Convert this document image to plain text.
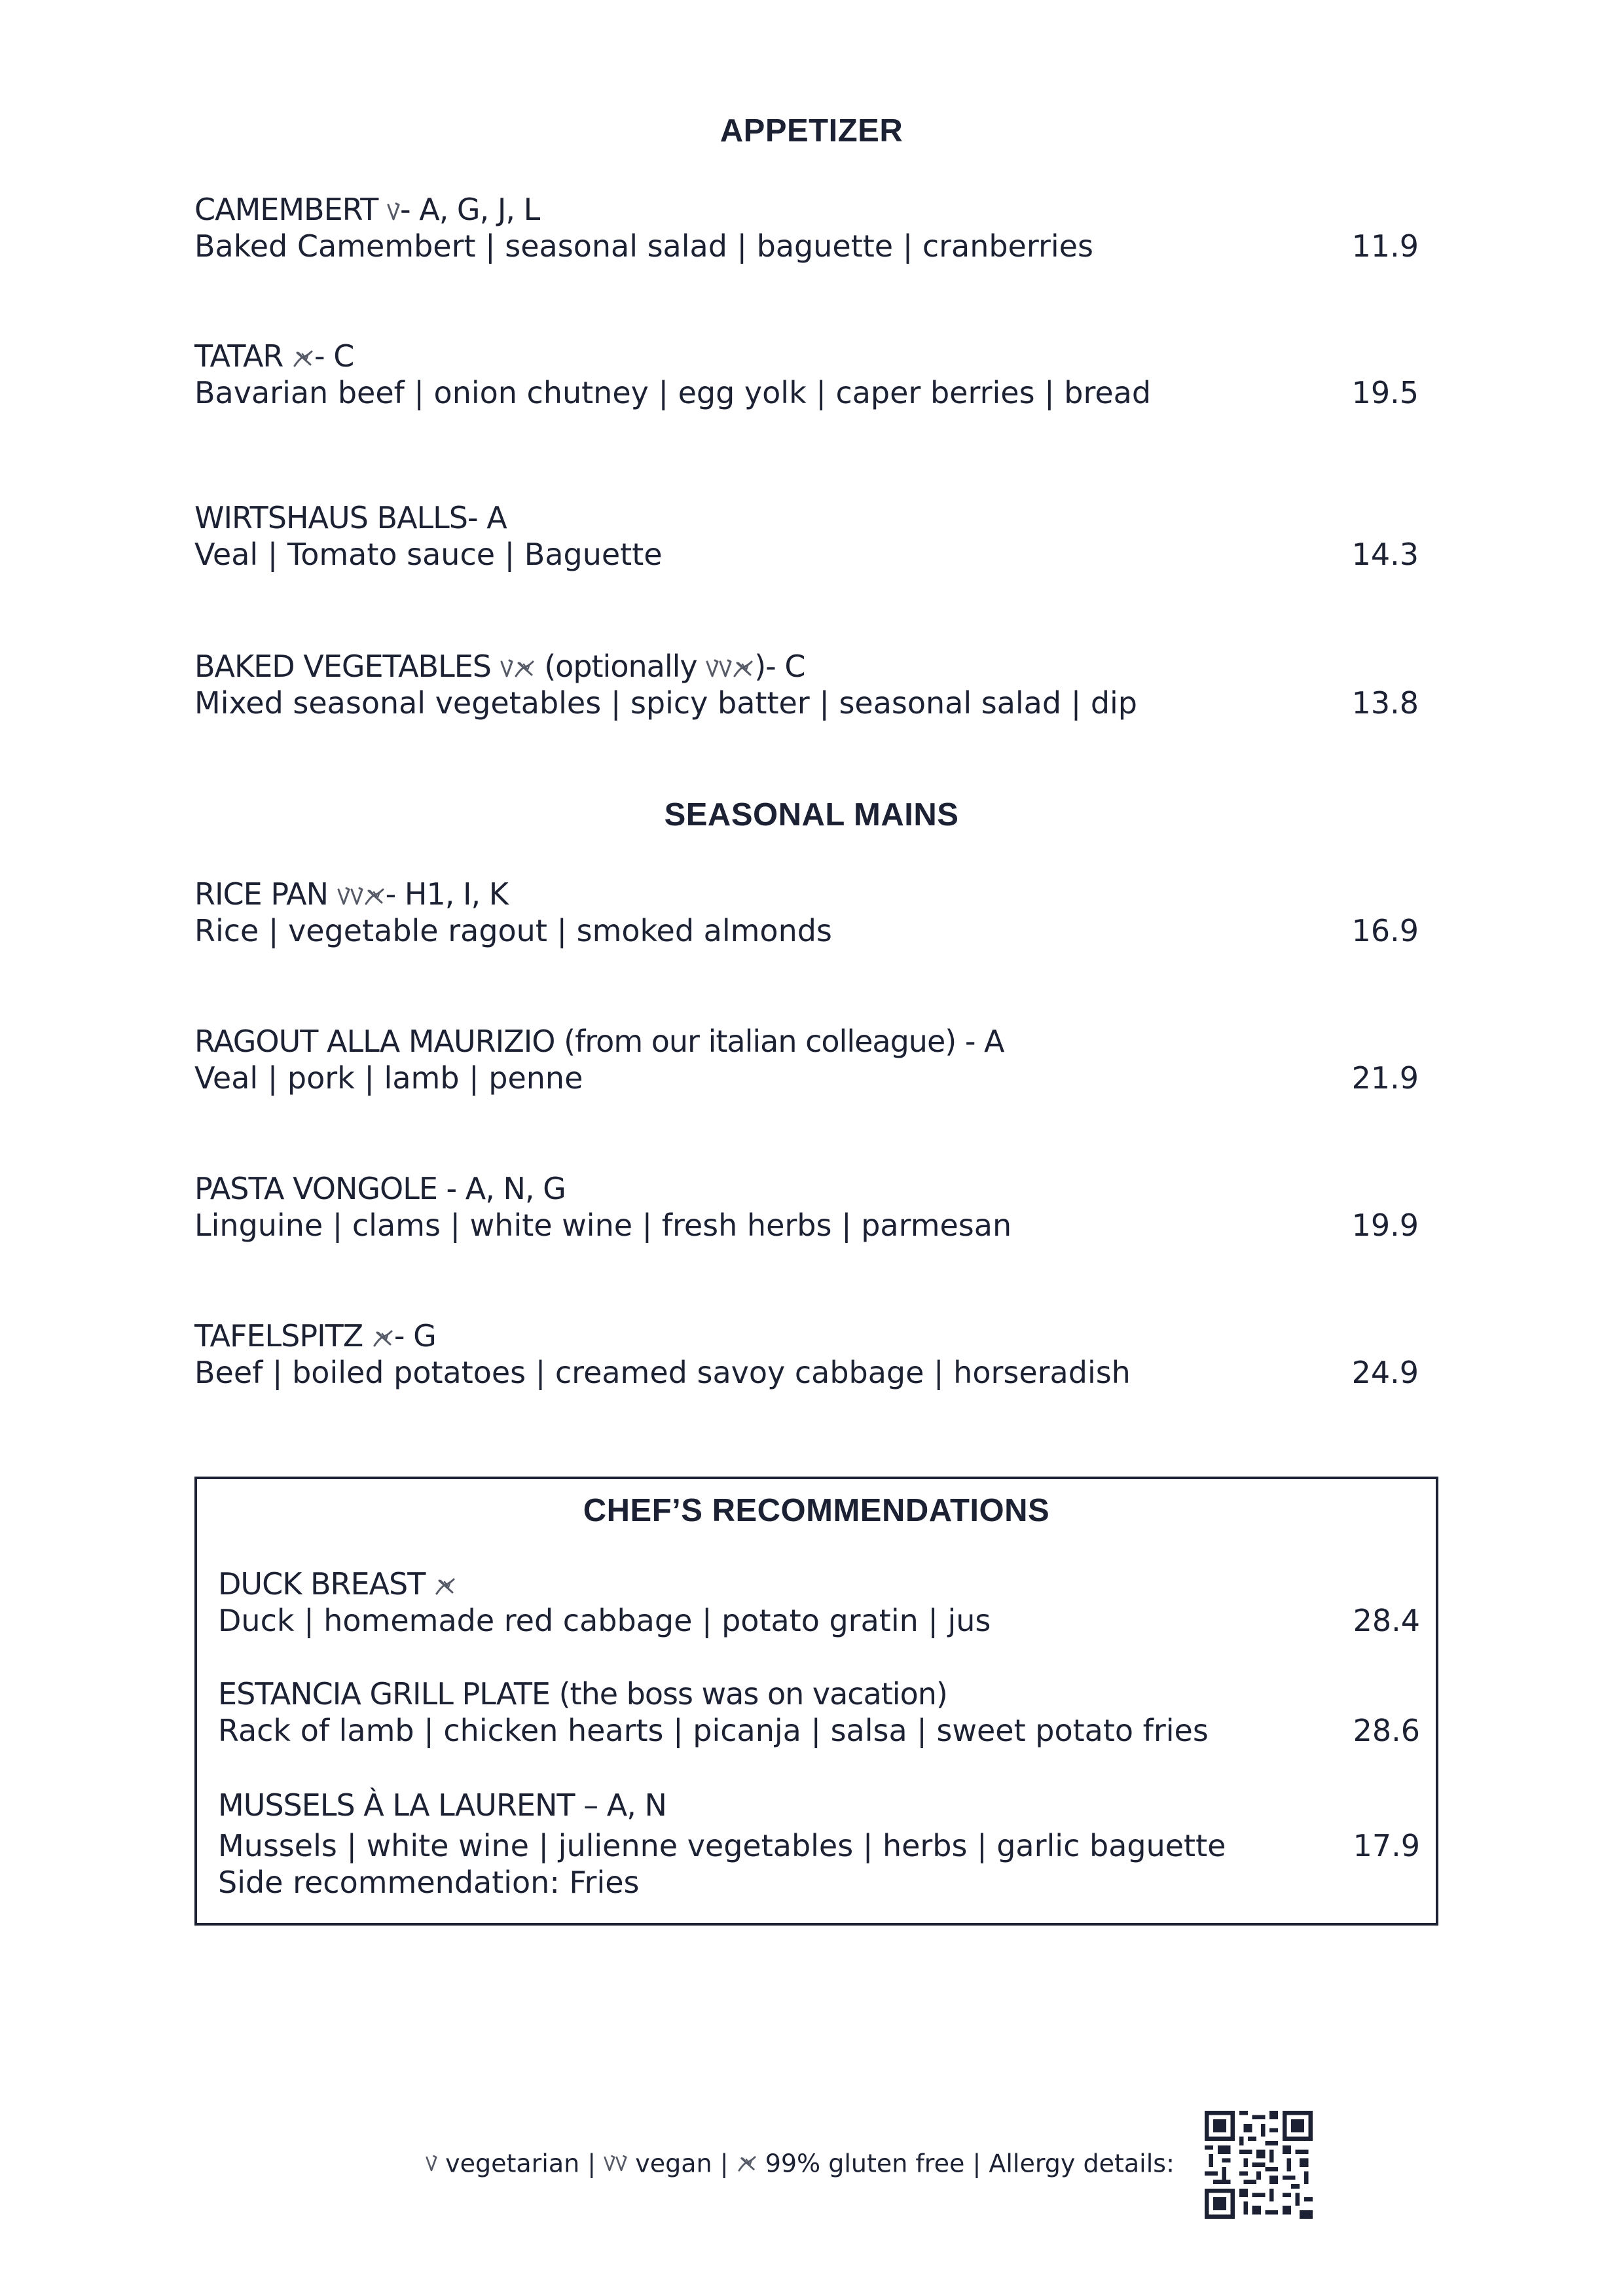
APPETIZER
CAMEMBERT
- A, G, J, L
Baked Camembert | seasonal salad | baguette | cranberries	11.9
TATAR
- C
Bavarian beef | onion chutney | egg yolk | caper berries | bread	19.5
WIRTSHAUS BALLS- A
Veal | Tomato sauce | Baguette	14.3
BAKED VEGETABLES
(optionally
)- C
Mixed seasonal vegetables | spicy batter | seasonal salad | dip	13.8
SEASONAL MAINS
RICE PAN
- H1, I, K
Rice | vegetable ragout | smoked almonds	16.9
RAGOUT ALLA MAURIZIO (from our italian colleague) - A
Veal | pork | lamb | penne	21.9
PASTA VONGOLE - A, N, G
Linguine | clams | white wine | fresh herbs | parmesan	19.9
TAFELSPITZ
- G
Beef | boiled potatoes | creamed savoy cabbage | horseradish	24.9
CHEF’S RECOMMENDATIONS
DUCK BREAST
Duck | homemade red cabbage | potato gratin | jus	28.4
ESTANCIA GRILL PLATE (the boss was on vacation)
Rack of lamb | chicken hearts | picanja | salsa | sweet potato fries	28.6
MUSSELS À LA LAURENT – A, N
Mussels | white wine | julienne vegetables | herbs | garlic baguette	17.9
Side recommendation: Fries
vegetarian |
vegan |
99% gluten free | Allergy details:
